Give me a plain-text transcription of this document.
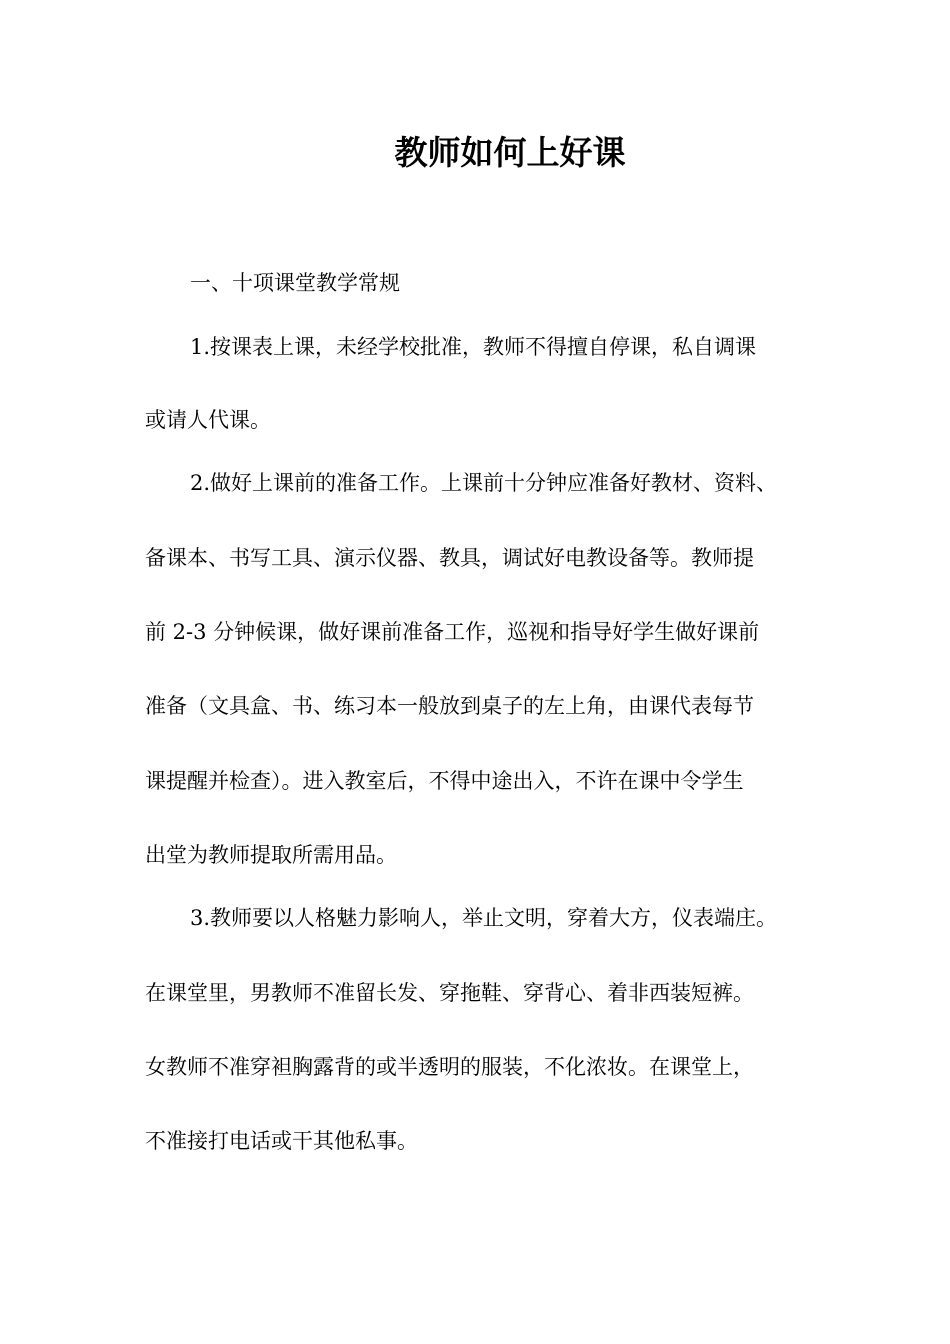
教师如何上好课
一、十项课堂教学常规
1.按课表上课，未经学校批准，教师不得擅自停课，私自调课
或请人代课。
2.做好上课前的准备工作。上课前十分钟应准备好教材、资料、
备课本、书写工具、演示仪器、教具，调试好电教设备等。教师提
前 2-3 分钟候课，做好课前准备工作，巡视和指导好学生做好课前
准备（文具盒、书、练习本一般放到桌子的左上角，由课代表每节
课提醒并检查）。进入教室后，不得中途出入，不许在课中令学生
出堂为教师提取所需用品。
3.教师要以人格魅力影响人，举止文明，穿着大方，仪表端庄。
在课堂里，男教师不准留长发、穿拖鞋、穿背心、着非西装短裤。
女教师不准穿袒胸露背的或半透明的服装，不化浓妆。在课堂上，
不准接打电话或干其他私事。
